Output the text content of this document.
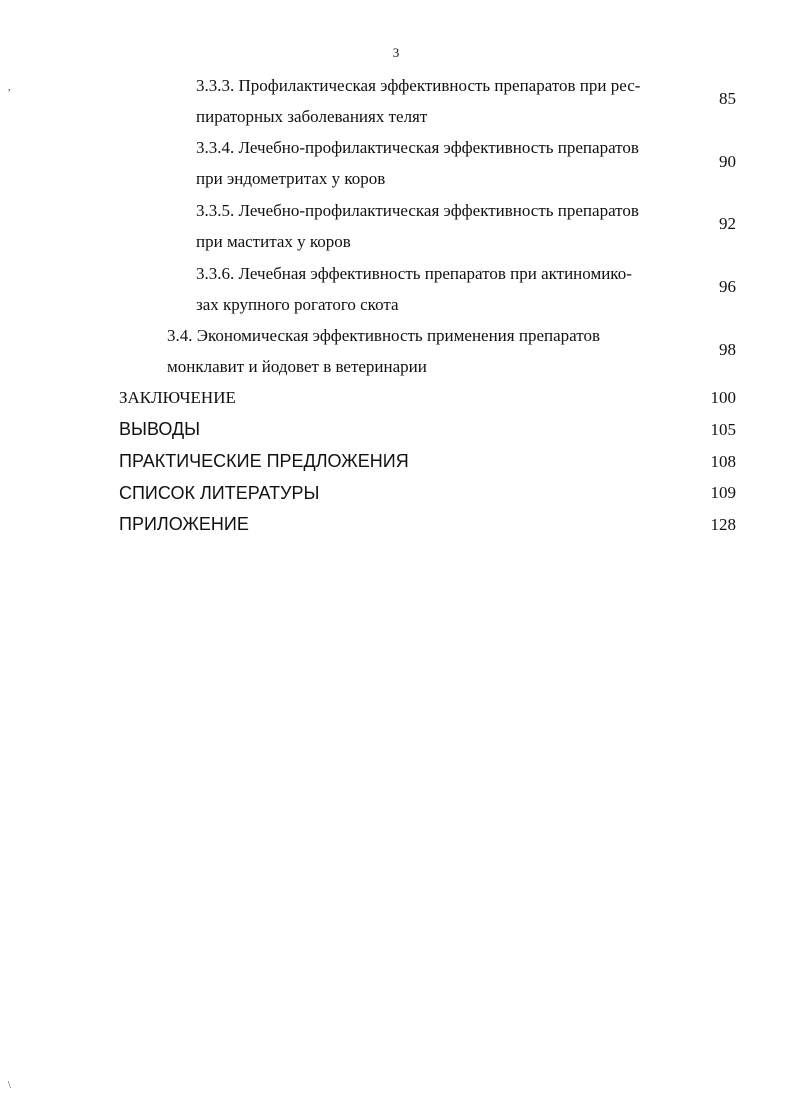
3
3.3.3. Профилактическая эффективность препаратов при рес-
пираторных заболеваниях телят
85
3.3.4. Лечебно-профилактическая эффективность препаратов
при эндометритах у коров
90
3.3.5. Лечебно-профилактическая эффективность препаратов
при маститах у коров
92
3.3.6. Лечебная эффективность препаратов при актиномико-
зах крупного рогатого скота
96
3.4. Экономическая эффективность применения препаратов
монклавит и йодовет в ветеринарии
98
ЗАКЛЮЧЕНИЕ	100
ВЫВОДЫ	105
ПРАКТИЧЕСКИЕ ПРЕДЛОЖЕНИЯ	108
СПИСОК ЛИТЕРАТУРЫ	109
ПРИЛОЖЕНИЕ	128
,
\
